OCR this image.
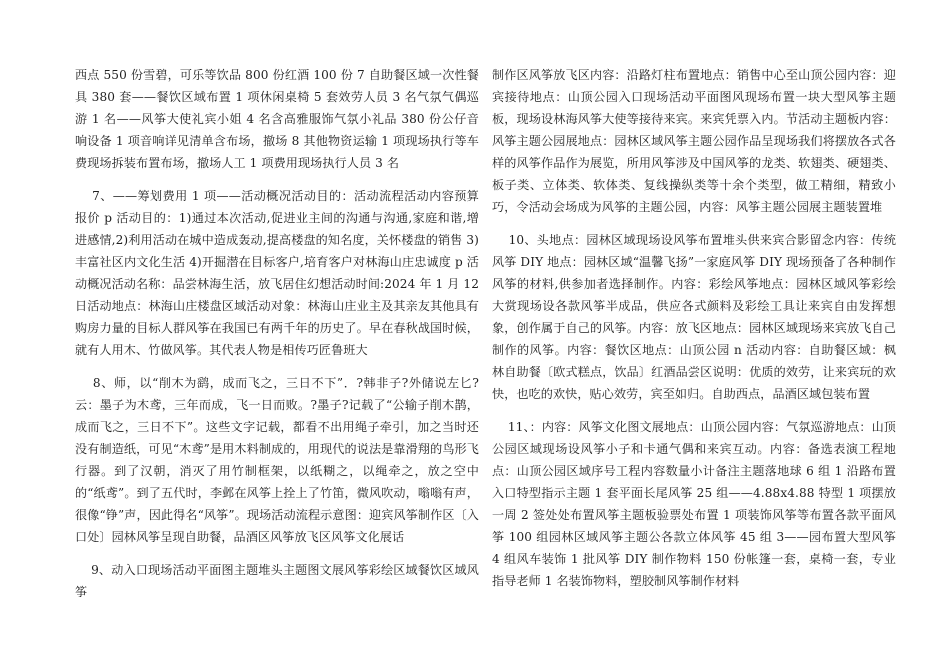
西点 550 份雪碧，可乐等饮品 800 份红酒 100 份 7 自助餐区域一次性餐具 380 套——餐饮区域布置 1 项休闲桌椅 5 套效劳人员 3 名气氛气偶巡游 1 名——风筝大使礼宾小姐 4 名含高雅服饰气氛小礼品 380 份公仔音响设备 1 项音响详见清单含布场，撤场 8 其他物资运输 1 项现场执行等车费现场拆装布置布场，撤场人工 1 项费用现场执行人员 3 名

7、——筹划费用 1 项——活动概况活动目的：活动流程活动内容预算报价 p 活动目的：1)通过本次活动,促进业主间的沟通与沟通,家庭和谐,增进感情,2)利用活动在城中造成轰动,提高楼盘的知名度，关怀楼盘的销售 3)丰富社区内文化生活 4)开掘潜在目标客户,培育客户对林海山庄忠诚度 p 活动概况活动名称：品尝林海生活，放飞居住幻想活动时间:2024 年 1 月 12 日活动地点：林海山庄楼盘区域活动对象：林海山庄业主及其亲友其他具有购房力量的目标人群风筝在我国已有两千年的历史了。早在春秋战国时候，就有人用木、竹做风筝。其代表人物是相传巧匠鲁班大

8、师，以“削木为鹞，成而飞之，三日不下”．?韩非子?外储说左匕?云：墨子为木鸢，三年而成，飞一日而败。?墨子?记载了“公输子削木鹊，成而飞之，三日不下”。这些文字记载，都看不出用绳子牵引，加之当时还没有制造纸，可见“木鸢”是用木料制成的，用现代的说法是靠滑翔的鸟形飞行器。到了汉朝，消灭了用竹制框架，以纸糊之，以绳牵之，放之空中的“纸鸢”。到了五代时，李邺在风筝上拴上了竹笛，微风吹动，嗡嗡有声，很像“铮”声，因此得名“风筝”。现场活动流程示意图：迎宾风筝制作区〔入口处〕园林风筝呈现自助餐，品酒区风筝放飞区风筝文化展话

9、动入口现场活动平面图主题堆头主题图文展风筝彩绘区域餐饮区域风筝

制作区风筝放飞区内容：沿路灯柱布置地点：销售中心至山顶公园内容：迎宾接待地点：山顶公园入口现场活动平面图风现场布置一块大型风筝主题板，现场设林海风筝大使等接待来宾。来宾凭票入内。节活动主题板内容：风筝主题公园展地点：园林区域风筝主题公园作品呈现场我们将摆放各式各样的风筝作品作为展览，所用风筝涉及中国风筝的龙类、软翅类、硬翅类、板子类、立体类、软体类、复线操纵类等十余个类型，做工精细，精致小巧，令活动会场成为风筝的主题公园，内容：风筝主题公园展主题装置堆

10、头地点：园林区域现场设风筝布置堆头供来宾合影留念内容：传统风筝 DIY 地点：园林区域“温馨飞扬”一家庭风筝 DIY 现场预备了各种制作风筝的材料,供参加者选择制作。内容：彩绘风筝地点：园林区域风筝彩绘大赏现场设各款风筝半成品，供应各式颜料及彩绘工具让来宾自由发挥想象，创作属于自己的风筝。内容：放飞区地点：园林区域现场来宾放飞自己制作的风筝。内容：餐饮区地点：山顶公园 n 活动内容：自助餐区域：枫林自助餐〔欧式糕点，饮品〕红酒品尝区说明：优质的效劳，让来宾玩的欢快，也吃的欢快，贴心效劳，宾至如归。自助西点，品酒区域包装布置

11、：内容：风筝文化图文展地点：山顶公园内容：气氛巡游地点：山顶公园区域现场设风筝小子和卡通气偶和来宾互动。内容：备选表演工程地点：山顶公园区域序号工程内容数量小计备注主题落地球 6 组 1 沿路布置入口特型指示主题 1 套平面长尾风筝 25 组——4.88x4.88 特型 1 项摆放一周 2 签处处布置风筝主题板验票处布置 1 项装饰风筝等布置各款平面风筝 100 组园林区域风筝主题公各款立体风筝 45 组 3——园布置大型风筝 4 组风车装饰 1 批风筝 DIY 制作物料 150 份帐篷一套，桌椅一套，专业指导老师 1 名装饰物料，塑胶制风筝制作材料
